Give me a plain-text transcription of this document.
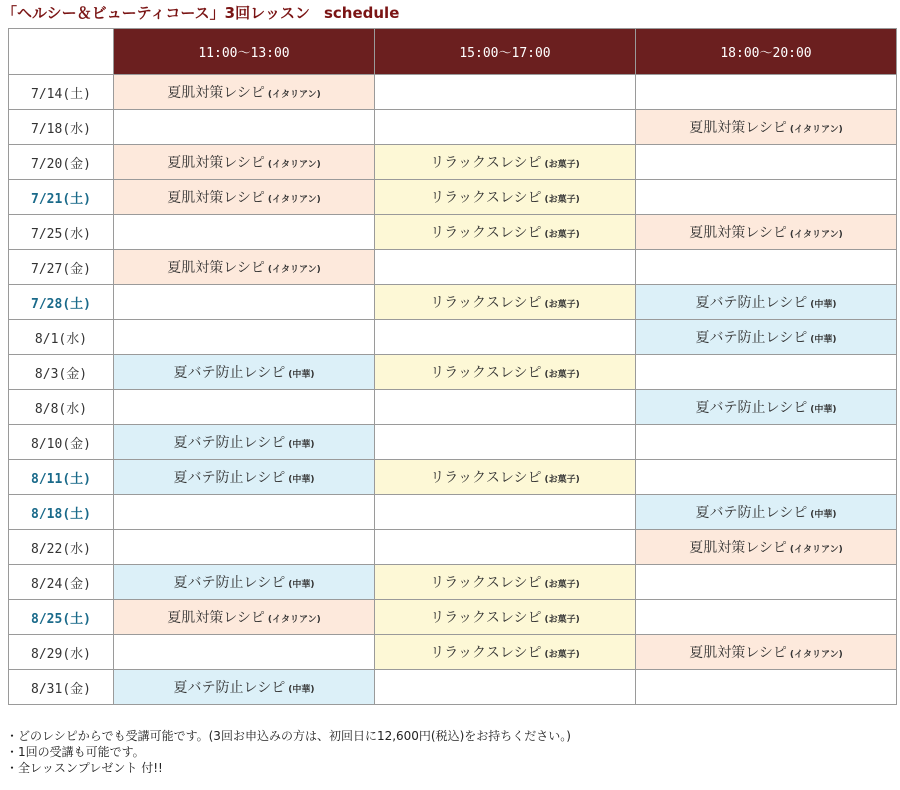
「ヘルシー＆ビューティコース」3回レッスン schedule
	11:00〜13:00	15:00〜17:00	18:00〜20:00
7/14(土)	夏肌対策レシピ (イタリアン)		
7/18(水)			夏肌対策レシピ (イタリアン)
7/20(金)	夏肌対策レシピ (イタリアン)	リラックスレシピ (お菓子)	
7/21(土)	夏肌対策レシピ (イタリアン)	リラックスレシピ (お菓子)	
7/25(水)		リラックスレシピ (お菓子)	夏肌対策レシピ (イタリアン)
7/27(金)	夏肌対策レシピ (イタリアン)		
7/28(土)		リラックスレシピ (お菓子)	夏バテ防止レシピ (中華)
8/1(水)			夏バテ防止レシピ (中華)
8/3(金)	夏バテ防止レシピ (中華)	リラックスレシピ (お菓子)	
8/8(水)			夏バテ防止レシピ (中華)
8/10(金)	夏バテ防止レシピ (中華)		
8/11(土)	夏バテ防止レシピ (中華)	リラックスレシピ (お菓子)	
8/18(土)			夏バテ防止レシピ (中華)
8/22(水)			夏肌対策レシピ (イタリアン)
8/24(金)	夏バテ防止レシピ (中華)	リラックスレシピ (お菓子)	
8/25(土)	夏肌対策レシピ (イタリアン)	リラックスレシピ (お菓子)	
8/29(水)		リラックスレシピ (お菓子)	夏肌対策レシピ (イタリアン)
8/31(金)	夏バテ防止レシピ (中華)		
・どのレシピからでも受講可能です。(3回お申込みの方は、初回日に12,600円(税込)をお持ちください。)
・1回の受講も可能です。
・全レッスンプレゼント 付!!
